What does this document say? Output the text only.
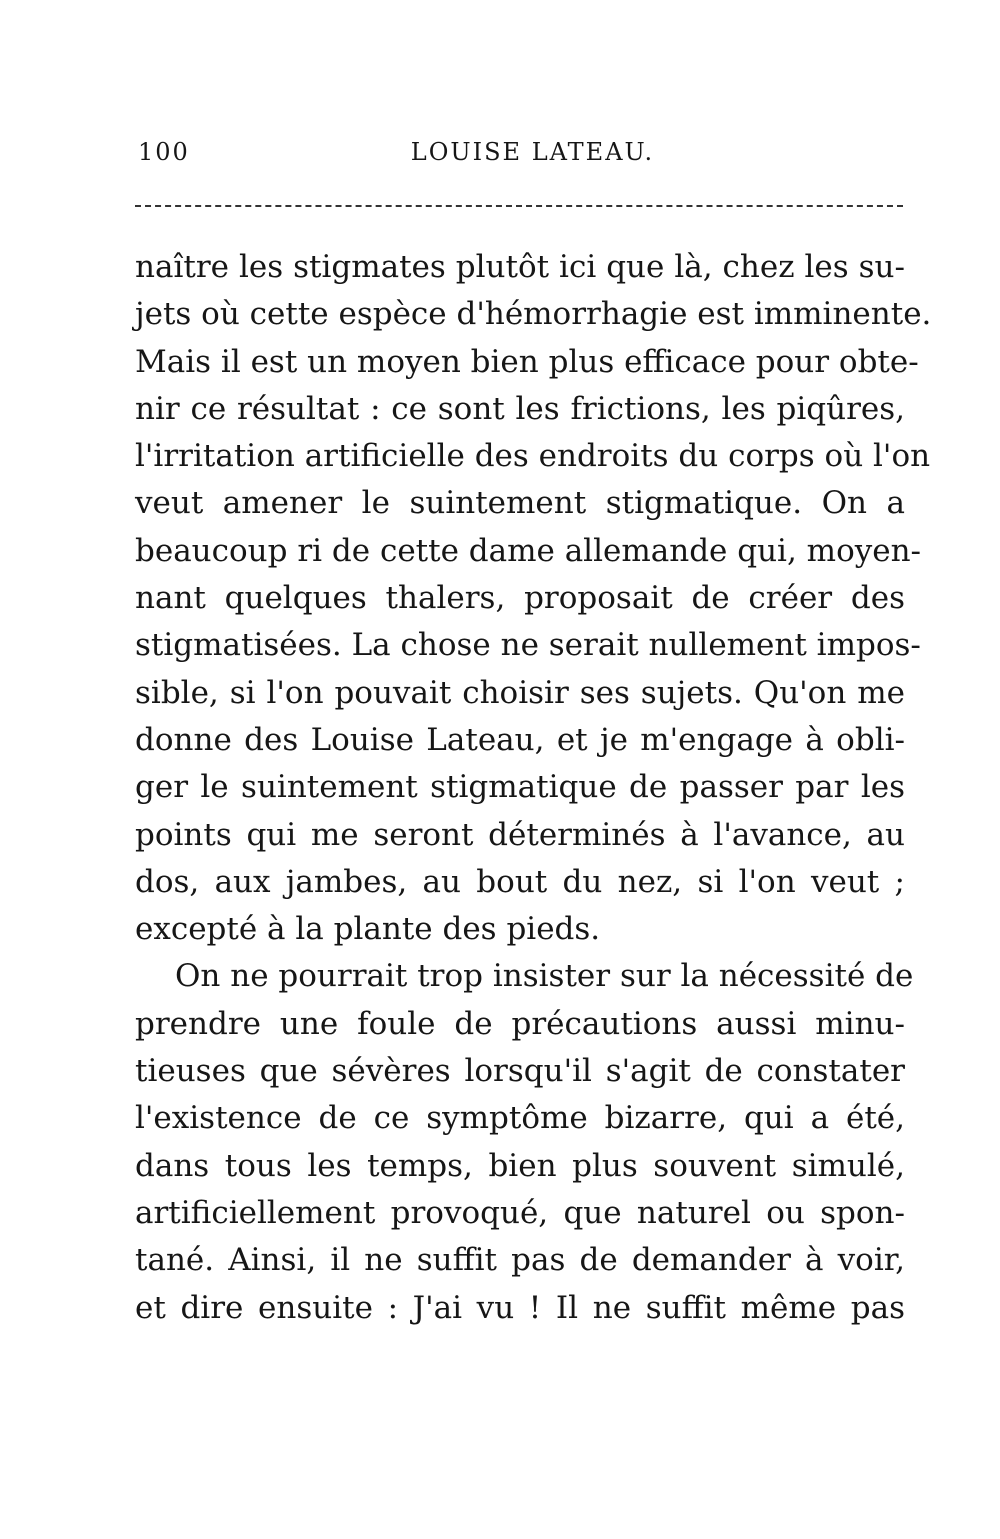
100	LOUISE LATEAU.
naître les stigmates plutôt ici que là, chez les su-
jets où cette espèce d'hémorrhagie est imminente.
Mais il est un moyen bien plus efficace pour obte-
nir ce résultat : ce sont les frictions, les piqûres,
l'irritation artificielle des endroits du corps où l'on
veut amener le suintement stigmatique. On a
beaucoup ri de cette dame allemande qui, moyen-
nant quelques thalers, proposait de créer des
stigmatisées. La chose ne serait nullement impos-
sible, si l'on pouvait choisir ses sujets. Qu'on me
donne des Louise Lateau, et je m'engage à obli-
ger le suintement stigmatique de passer par les
points qui me seront déterminés à l'avance, au
dos, aux jambes, au bout du nez, si l'on veut ;
excepté à la plante des pieds.
On ne pourrait trop insister sur la nécessité de
prendre une foule de précautions aussi minu-
tieuses que sévères lorsqu'il s'agit de constater
l'existence de ce symptôme bizarre, qui a été,
dans tous les temps, bien plus souvent simulé,
artificiellement provoqué, que naturel ou spon-
tané. Ainsi, il ne suffit pas de demander à voir,
et dire ensuite : J'ai vu ! Il ne suffit même pas
